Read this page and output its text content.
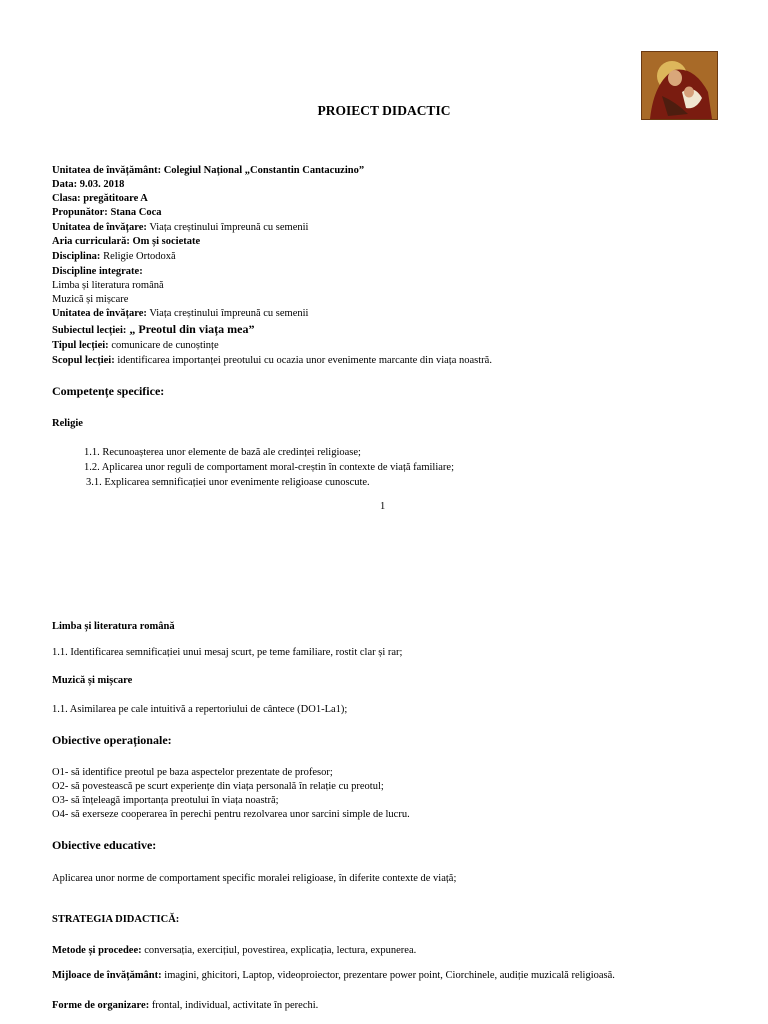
PROIECT DIDACTIC
Unitatea de învățământ: Colegiul Național „Constantin Cantacuzino”
Data: 9.03. 2018
Clasa: pregătitoare A
Propunător: Stana Coca
Unitatea de învățare: Viața creștinului împreună cu semenii
Aria curriculară: Om și societate
Disciplina: Religie Ortodoxă
Discipline integrate:
Limba și literatura română
Muzică și mișcare
Unitatea de învățare: Viața creștinului împreună cu semenii
Subiectul lecției: „ Preotul din viața mea”
Tipul lecției: comunicare de cunoștințe
Scopul lecției: identificarea importanței preotului cu ocazia unor evenimente marcante din viața noastră.
Competențe specifice:
Religie
1.1. Recunoașterea unor elemente de bază ale credinței religioase;
1.2. Aplicarea unor reguli de comportament moral-creștin în contexte de viață familiare;
3.1. Explicarea semnificației unor evenimente religioase cunoscute.
1
Limba și literatura română
1.1. Identificarea semnificației unui mesaj scurt, pe teme familiare, rostit clar și rar;
Muzică și mișcare
1.1. Asimilarea pe cale intuitivă a repertoriului de cântece (DO1-La1);
Obiective operaționale:
O1- să identifice preotul pe baza aspectelor prezentate de profesor;
O2- să povestească pe scurt experiențe din viața personală în relație cu preotul;
O3- să înțeleagă importanța preotului în viața noastră;
O4- să exerseze cooperarea în perechi pentru rezolvarea unor sarcini simple de lucru.
Obiective educative:
Aplicarea unor norme de comportament specific moralei religioase, în diferite contexte de viață;
STRATEGIA DIDACTICĂ:
Metode și procedee: conversația, exercițiul, povestirea, explicația, lectura, expunerea.
Mijloace de învățământ: imagini, ghicitori, Laptop, videoproiector, prezentare power point, Ciorchinele, audiție muzicală religioasă.
Forme de organizare: frontal, individual, activitate în perechi.
